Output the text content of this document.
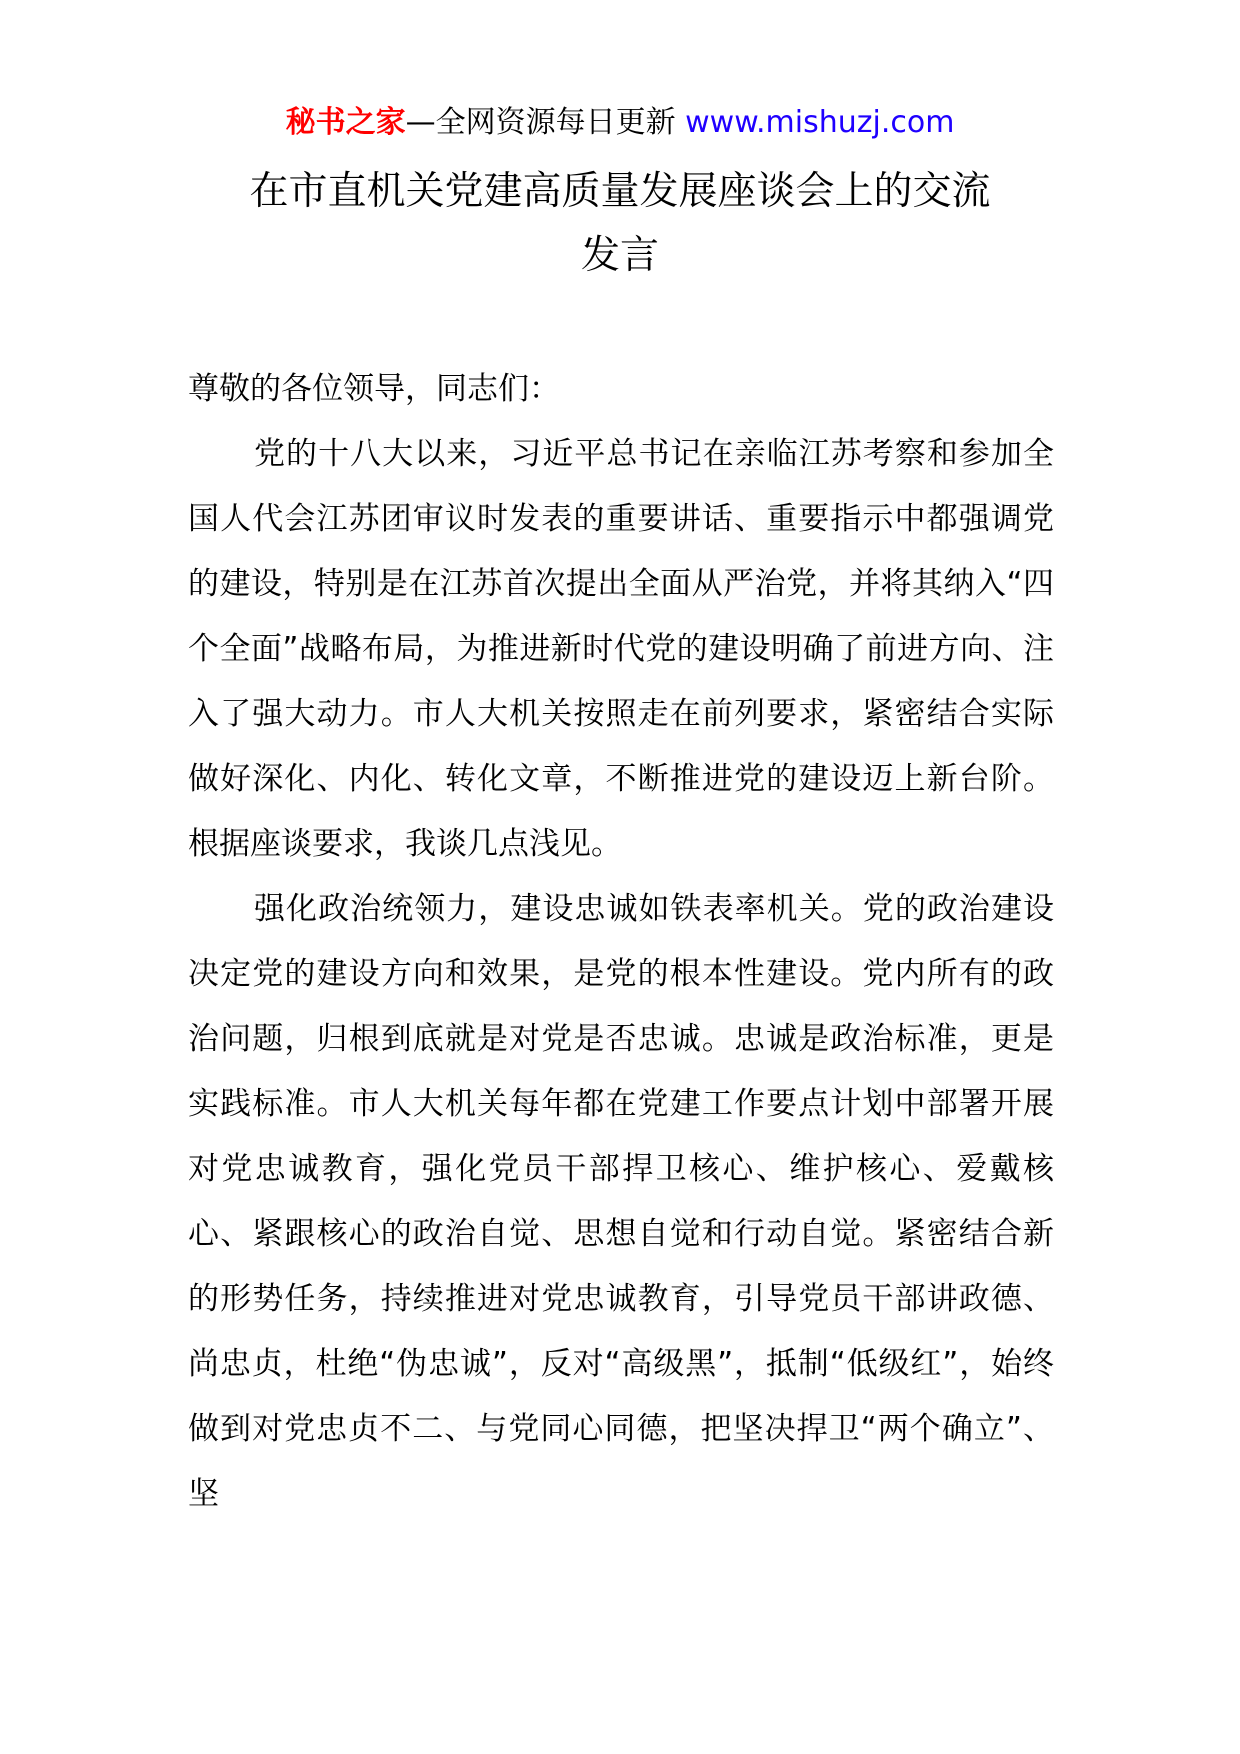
秘书之家—全网资源每日更新 www.mishuzj.com
在市直机关党建高质量发展座谈会上的交流
发言

尊敬的各位领导，同志们：

党的十八大以来，习近平总书记在亲临江苏考察和参加全国人代会江苏团审议时发表的重要讲话、重要指示中都强调党的建设，特别是在江苏首次提出全面从严治党，并将其纳入“四个全面”战略布局，为推进新时代党的建设明确了前进方向、注入了强大动力。市人大机关按照走在前列要求，紧密结合实际做好深化、内化、转化文章，不断推进党的建设迈上新台阶。根据座谈要求，我谈几点浅见。

强化政治统领力，建设忠诚如铁表率机关。党的政治建设决定党的建设方向和效果，是党的根本性建设。党内所有的政治问题，归根到底就是对党是否忠诚。忠诚是政治标准，更是实践标准。市人大机关每年都在党建工作要点计划中部署开展对党忠诚教育，强化党员干部捍卫核心、维护核心、爱戴核心、紧跟核心的政治自觉、思想自觉和行动自觉。紧密结合新的形势任务，持续推进对党忠诚教育，引导党员干部讲政德、尚忠贞，杜绝“伪忠诚”，反对“高级黑”，抵制“低级红”，始终做到对党忠贞不二、与党同心同德，把坚决捍卫“两个确立”、坚
